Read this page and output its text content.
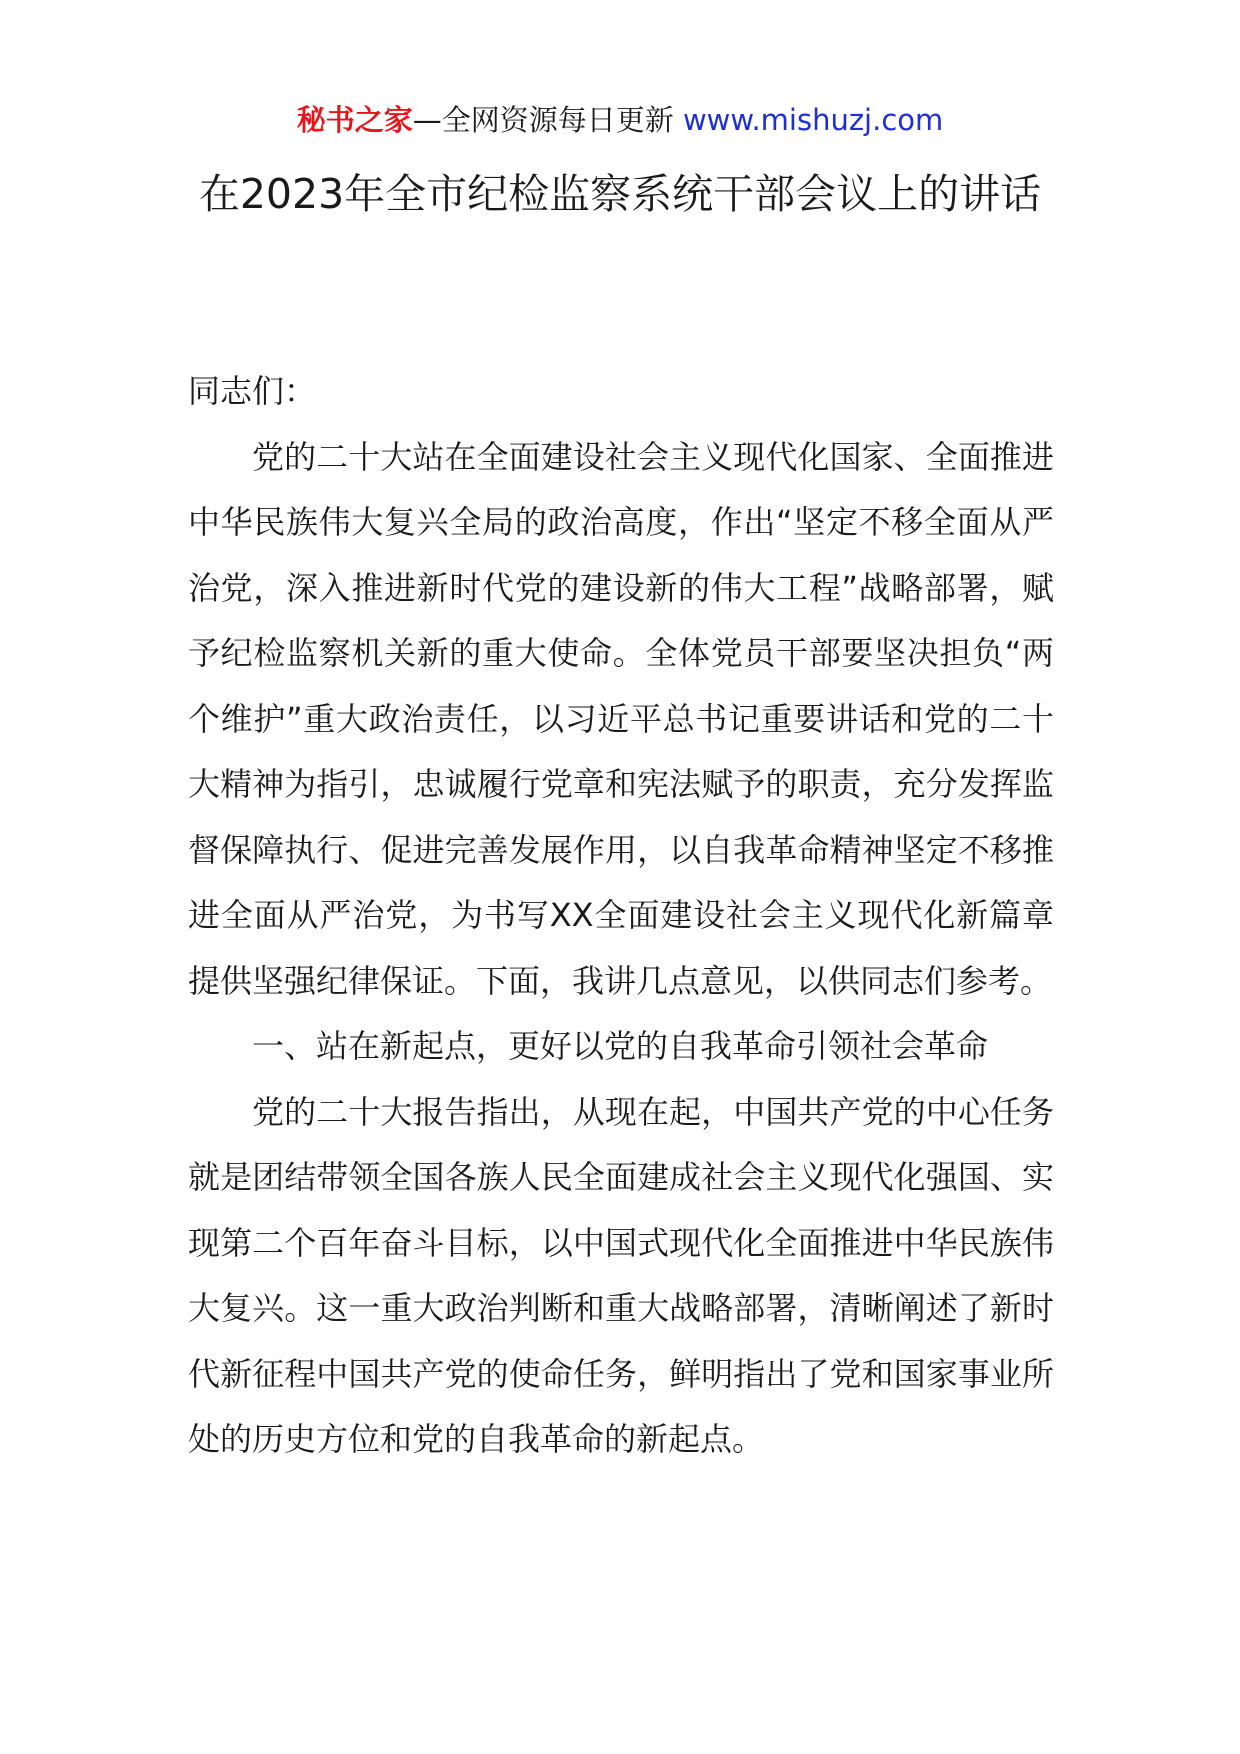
秘书之家—全网资源每日更新 www.mishuzj.com
在2023年全市纪检监察系统干部会议上的讲话

同志们：

党的二十大站在全面建设社会主义现代化国家、全面推进中华民族伟大复兴全局的政治高度，作出“坚定不移全面从严治党，深入推进新时代党的建设新的伟大工程”战略部署，赋予纪检监察机关新的重大使命。全体党员干部要坚决担负“两个维护”重大政治责任，以习近平总书记重要讲话和党的二十大精神为指引，忠诚履行党章和宪法赋予的职责，充分发挥监督保障执行、促进完善发展作用，以自我革命精神坚定不移推进全面从严治党，为书写XX全面建设社会主义现代化新篇章提供坚强纪律保证。下面，我讲几点意见，以供同志们参考。

一、站在新起点，更好以党的自我革命引领社会革命

党的二十大报告指出，从现在起，中国共产党的中心任务就是团结带领全国各族人民全面建成社会主义现代化强国、实现第二个百年奋斗目标，以中国式现代化全面推进中华民族伟大复兴。这一重大政治判断和重大战略部署，清晰阐述了新时代新征程中国共产党的使命任务，鲜明指出了党和国家事业所处的历史方位和党的自我革命的新起点。
